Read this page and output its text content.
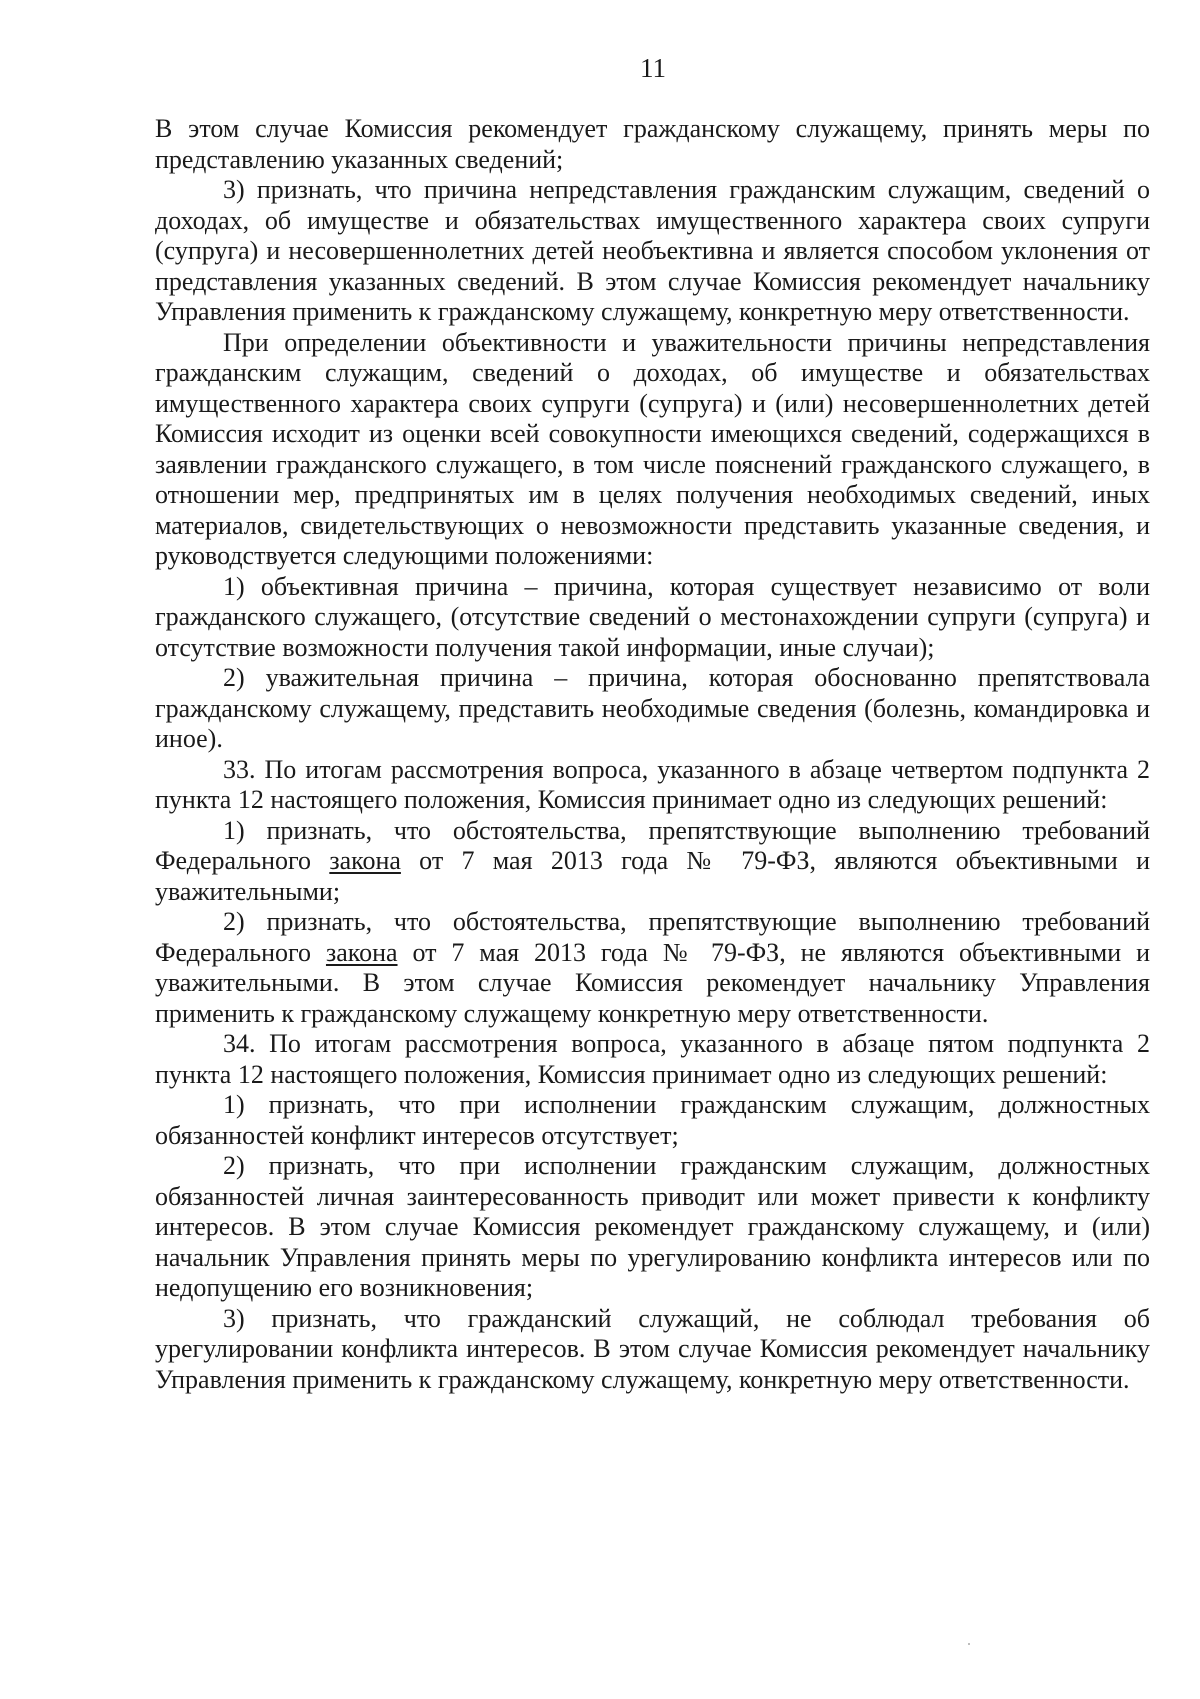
11

В этом случае Комиссия рекомендует гражданскому служащему, принять меры по представлению указанных сведений;

3) признать, что причина непредставления гражданским служащим, сведений о доходах, об имуществе и обязательствах имущественного характера своих супруги (супруга) и несовершеннолетних детей необъективна и является способом уклонения от представления указанных сведений. В этом случае Комиссия рекомендует начальнику Управления применить к гражданскому служащему, конкретную меру ответственности.

При определении объективности и уважительности причины непредставления гражданским служащим, сведений о доходах, об имуществе и обязательствах имущественного характера своих супруги (супруга) и (или) несовершеннолетних детей Комиссия исходит из оценки всей совокупности имеющихся сведений, содержащихся в заявлении гражданского служащего, в том числе пояснений гражданского служащего, в отношении мер, предпринятых им в целях получения необходимых сведений, иных материалов, свидетельствующих о невозможности представить указанные сведения, и руководствуется следующими положениями:

1) объективная причина – причина, которая существует независимо от воли гражданского служащего, (отсутствие сведений о местонахождении супруги (супруга) и отсутствие возможности получения такой информации, иные случаи);

2) уважительная причина – причина, которая обоснованно препятствовала гражданскому служащему, представить необходимые сведения (болезнь, командировка и иное).

33. По итогам рассмотрения вопроса, указанного в абзаце четвертом подпункта 2 пункта 12 настоящего положения, Комиссия принимает одно из следующих решений:

1) признать, что обстоятельства, препятствующие выполнению требований Федерального закона от 7 мая 2013 года № 79-ФЗ, являются объективными и уважительными;

2) признать, что обстоятельства, препятствующие выполнению требований Федерального закона от 7 мая 2013 года № 79-ФЗ, не являются объективными и уважительными. В этом случае Комиссия рекомендует начальнику Управления применить к гражданскому служащему конкретную меру ответственности.

34. По итогам рассмотрения вопроса, указанного в абзаце пятом подпункта 2 пункта 12 настоящего положения, Комиссия принимает одно из следующих решений:

1) признать, что при исполнении гражданским служащим, должностных обязанностей конфликт интересов отсутствует;

2) признать, что при исполнении гражданским служащим, должностных обязанностей личная заинтересованность приводит или может привести к конфликту интересов. В этом случае Комиссия рекомендует гражданскому служащему, и (или) начальник Управления принять меры по урегулированию конфликта интересов или по недопущению его возникновения;

3) признать, что гражданский служащий, не соблюдал требования об урегулировании конфликта интересов. В этом случае Комиссия рекомендует начальнику Управления применить к гражданскому служащему, конкретную меру ответственности.
